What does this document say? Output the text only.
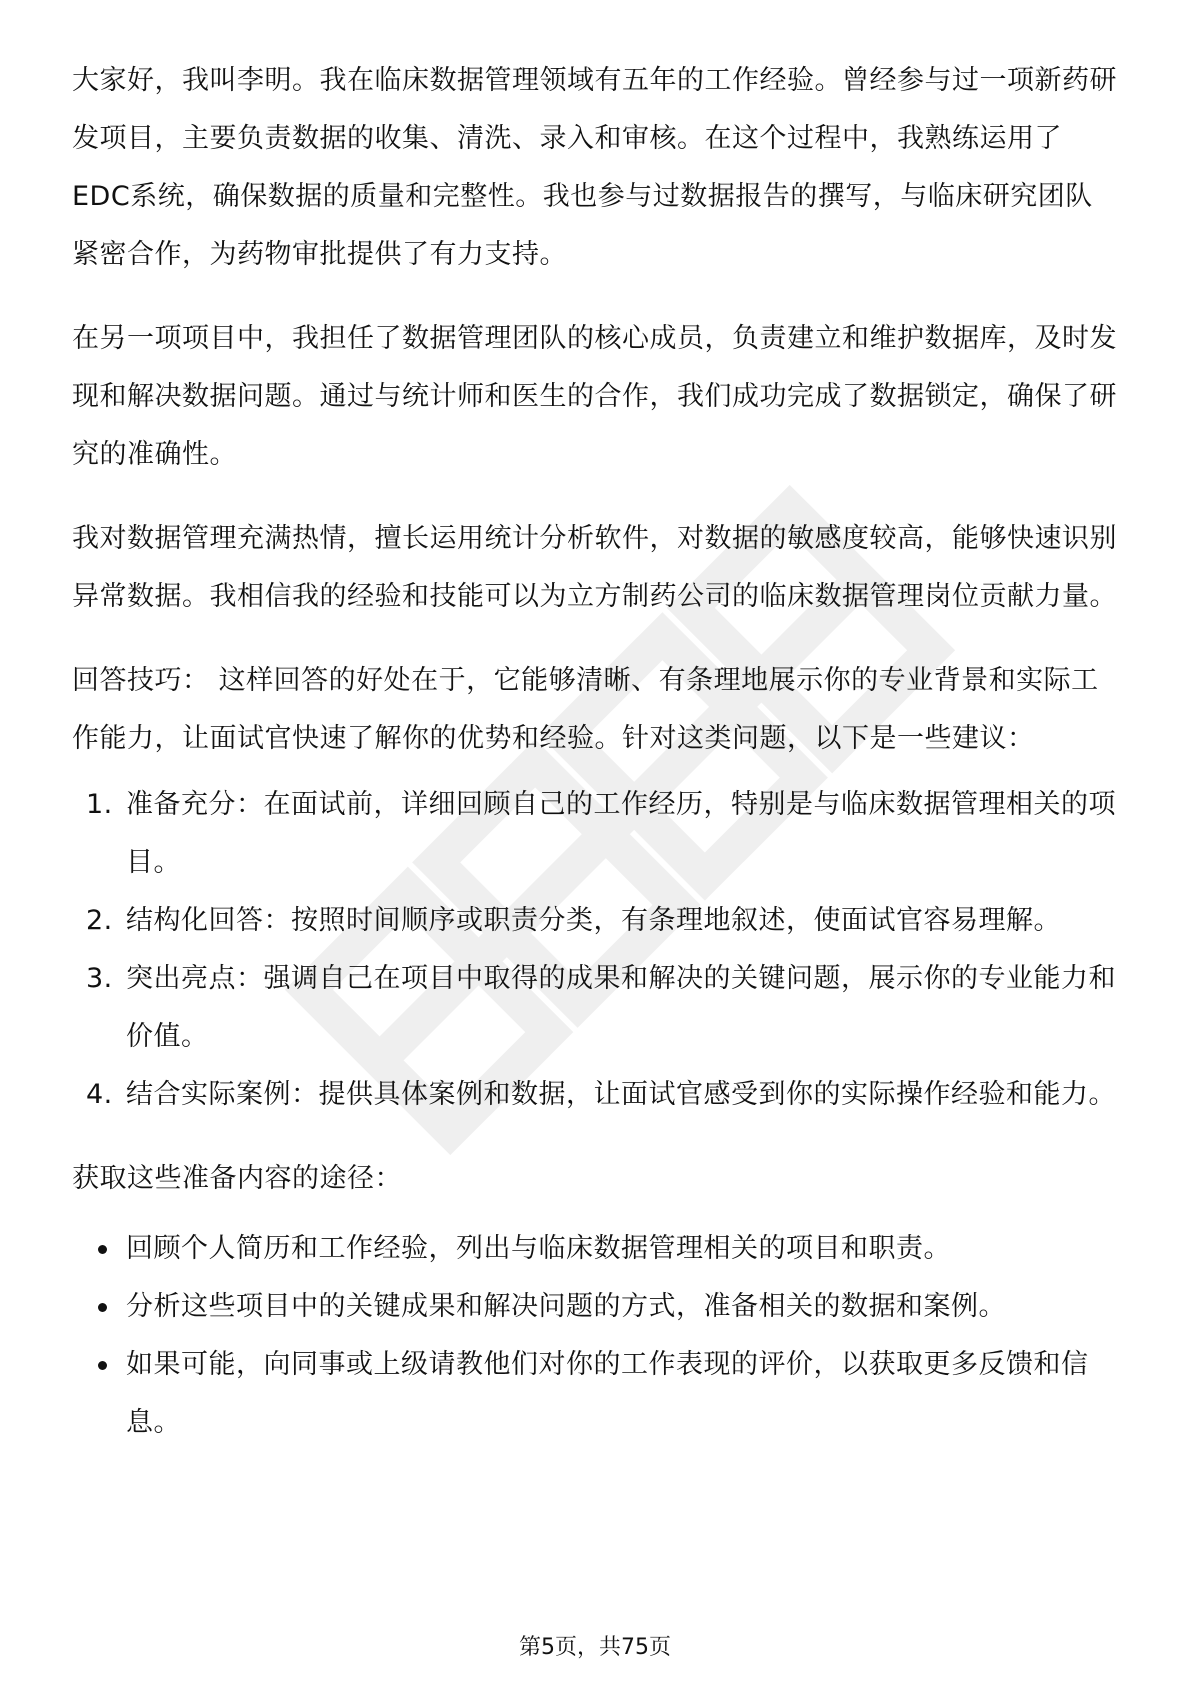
大家好，我叫李明。我在临床数据管理领域有五年的工作经验。曾经参与过一项新药研发项目，主要负责数据的收集、清洗、录入和审核。在这个过程中，我熟练运用了EDC系统，确保数据的质量和完整性。我也参与过数据报告的撰写，与临床研究团队紧密合作，为药物审批提供了有力支持。

在另一项项目中，我担任了数据管理团队的核心成员，负责建立和维护数据库，及时发现和解决数据问题。通过与统计师和医生的合作，我们成功完成了数据锁定，确保了研究的准确性。

我对数据管理充满热情，擅长运用统计分析软件，对数据的敏感度较高，能够快速识别异常数据。我相信我的经验和技能可以为立方制药公司的临床数据管理岗位贡献力量。

回答技巧： 这样回答的好处在于，它能够清晰、有条理地展示你的专业背景和实际工作能力，让面试官快速了解你的优势和经验。针对这类问题，以下是一些建议：

1. 准备充分：在面试前，详细回顾自己的工作经历，特别是与临床数据管理相关的项目。
2. 结构化回答：按照时间顺序或职责分类，有条理地叙述，使面试官容易理解。
3. 突出亮点：强调自己在项目中取得的成果和解决的关键问题，展示你的专业能力和价值。
4. 结合实际案例：提供具体案例和数据，让面试官感受到你的实际操作经验和能力。

获取这些准备内容的途径：

回顾个人简历和工作经验，列出与临床数据管理相关的项目和职责。
分析这些项目中的关键成果和解决问题的方式，准备相关的数据和案例。
如果可能，向同事或上级请教他们对你的工作表现的评价，以获取更多反馈和信息。
第5页，共75页
